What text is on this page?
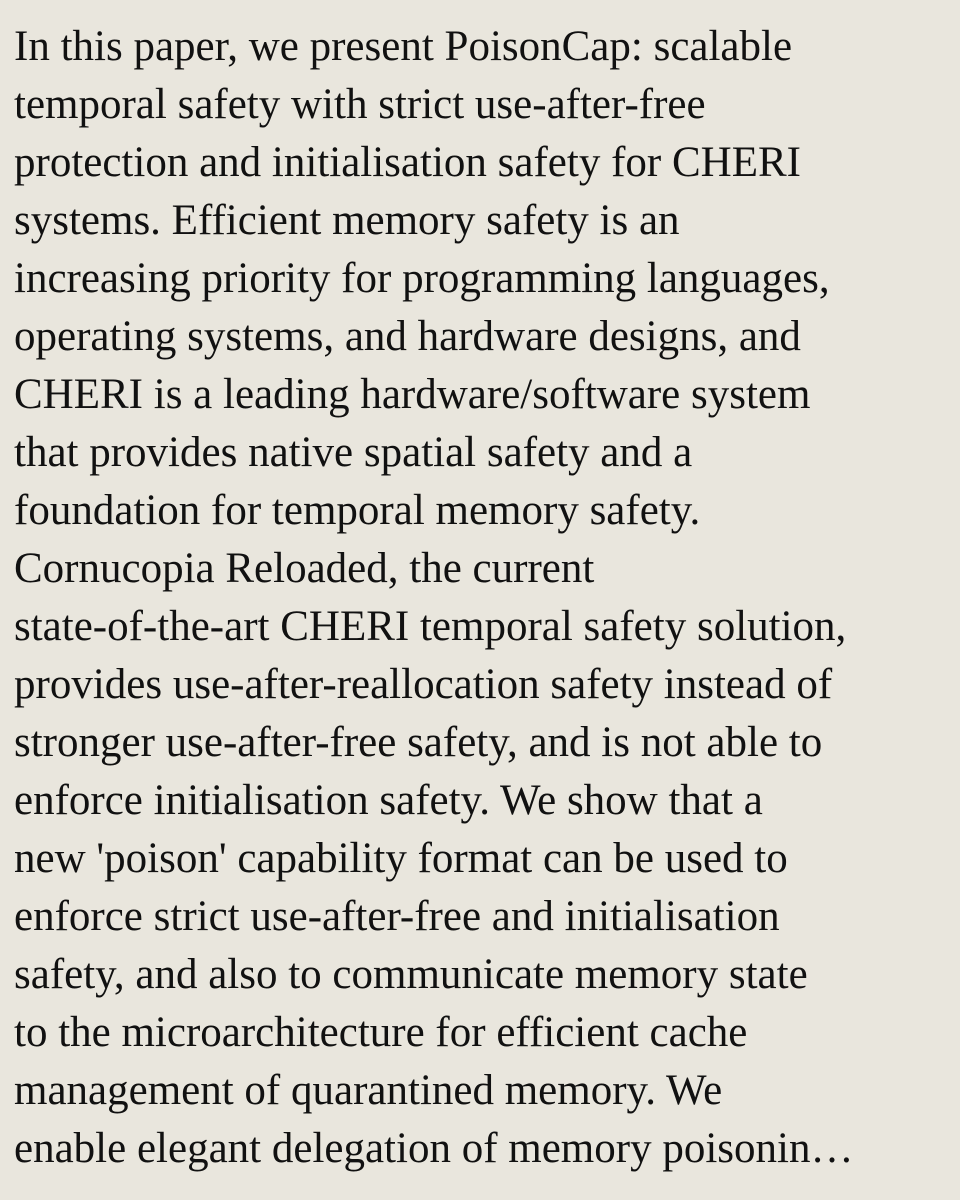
In this paper, we present PoisonCap: scalable
temporal safety with strict use-after-free
protection and initialisation safety for CHERI
systems. Efficient memory safety is an
increasing priority for programming languages,
operating systems, and hardware designs, and
CHERI is a leading hardware/software system
that provides native spatial safety and a
foundation for temporal memory safety.
Cornucopia Reloaded, the current
state-of-the-art CHERI temporal safety solution,
provides use-after-reallocation safety instead of
stronger use-after-free safety, and is not able to
enforce initialisation safety. We show that a
new 'poison' capability format can be used to
enforce strict use-after-free and initialisation
safety, and also to communicate memory state
to the microarchitecture for efficient cache
management of quarantined memory. We
enable elegant delegation of memory poisonin…
